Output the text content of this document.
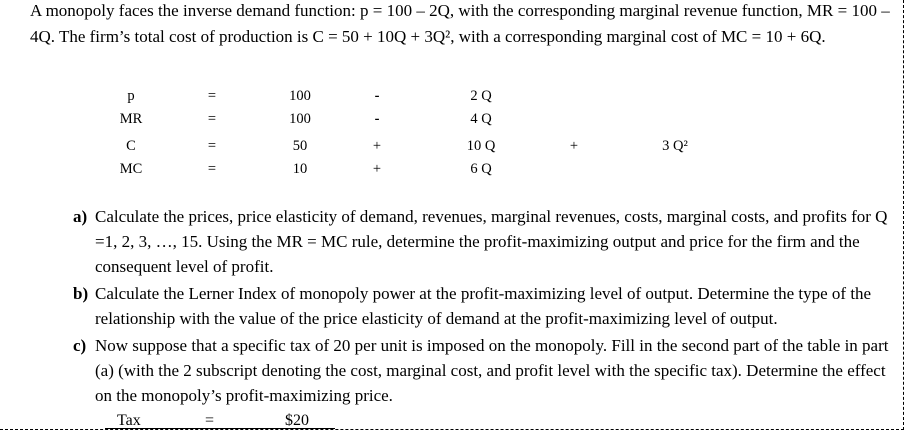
A monopoly faces the inverse demand function: p = 100 – 2Q, with the corresponding marginal revenue function, MR = 100 – 4Q. The firm’s total cost of production is C = 50 + 10Q + 3Q², with a corresponding marginal cost of MC = 10 + 6Q.
p	=	100	-	2 Q
MR	=	100	-	4 Q
C	=	50	+	10 Q	+	3 Q²
MC	=	10	+	6 Q
a) Calculate the prices, price elasticity of demand, revenues, marginal revenues, costs, marginal costs, and profits for Q =1, 2, 3, …, 15. Using the MR = MC rule, determine the profit-maximizing output and price for the firm and the consequent level of profit.
b) Calculate the Lerner Index of monopoly power at the profit-maximizing level of output. Determine the type of the relationship with the value of the price elasticity of demand at the profit-maximizing level of output.
c) Now suppose that a specific tax of 20 per unit is imposed on the monopoly. Fill in the second part of the table in part (a) (with the 2 subscript denoting the cost, marginal cost, and profit level with the specific tax). Determine the effect on the monopoly’s profit-maximizing price.
Tax	=	$20
